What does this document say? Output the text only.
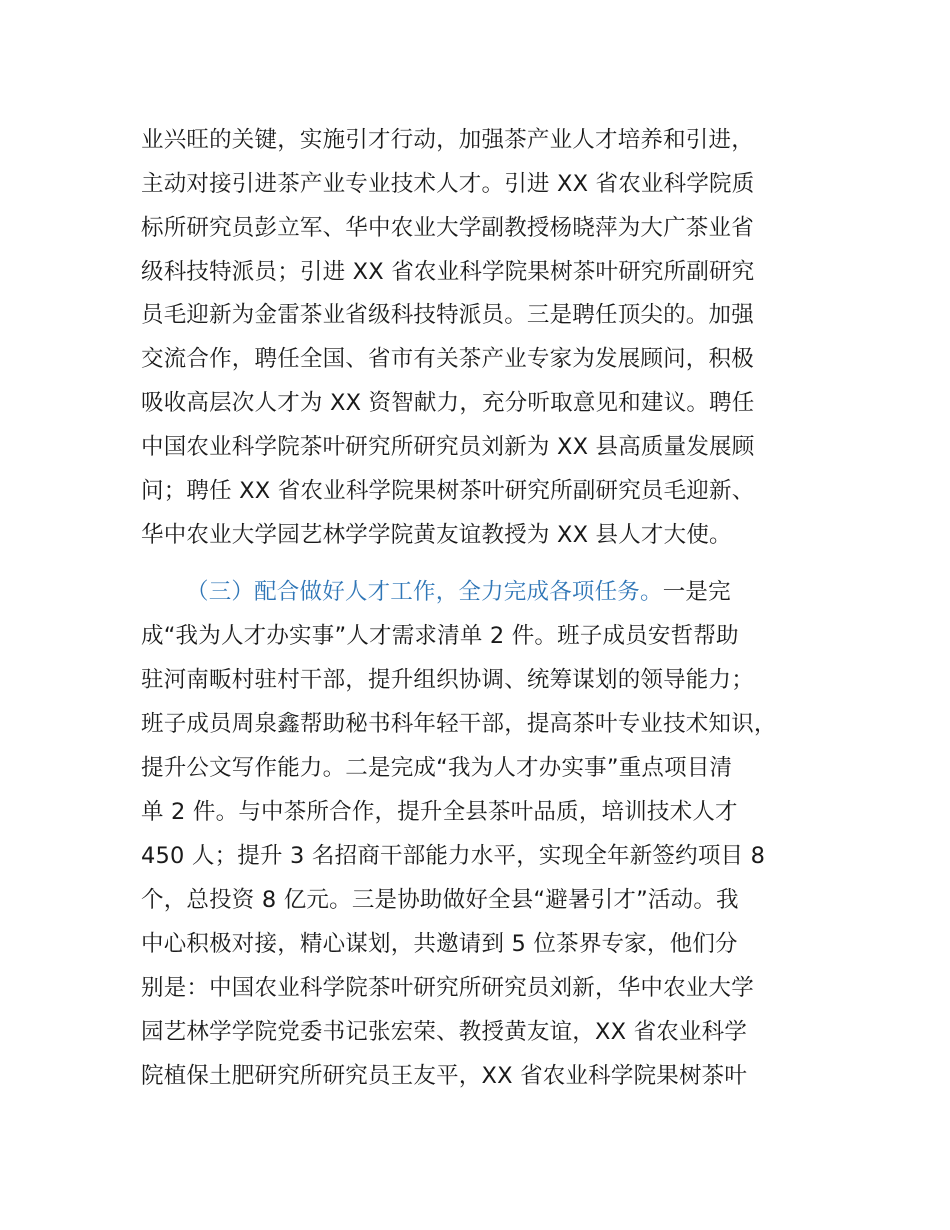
业兴旺的关键，实施引才行动，加强茶产业人才培养和引进，
主动对接引进茶产业专业技术人才。引进 XX 省农业科学院质
标所研究员彭立军、华中农业大学副教授杨晓萍为大广茶业省
级科技特派员；引进 XX 省农业科学院果树茶叶研究所副研究
员毛迎新为金雷茶业省级科技特派员。三是聘任顶尖的。加强
交流合作，聘任全国、省市有关茶产业专家为发展顾问，积极
吸收高层次人才为 XX 资智献力，充分听取意见和建议。聘任
中国农业科学院茶叶研究所研究员刘新为 XX 县高质量发展顾
问；聘任 XX 省农业科学院果树茶叶研究所副研究员毛迎新、
华中农业大学园艺林学学院黄友谊教授为 XX 县人才大使。
（三）配合做好人才工作，全力完成各项任务。一是完
成“我为人才办实事”人才需求清单 2 件。班子成员安哲帮助
驻河南畈村驻村干部，提升组织协调、统筹谋划的领导能力；
班子成员周泉鑫帮助秘书科年轻干部，提高茶叶专业技术知识，
提升公文写作能力。二是完成“我为人才办实事”重点项目清
单 2 件。与中茶所合作，提升全县茶叶品质，培训技术人才
450 人；提升 3 名招商干部能力水平，实现全年新签约项目 8
个，总投资 8 亿元。三是协助做好全县“避暑引才”活动。我
中心积极对接，精心谋划，共邀请到 5 位茶界专家，他们分
别是：中国农业科学院茶叶研究所研究员刘新，华中农业大学
园艺林学学院党委书记张宏荣、教授黄友谊，XX 省农业科学
院植保土肥研究所研究员王友平，XX 省农业科学院果树茶叶
